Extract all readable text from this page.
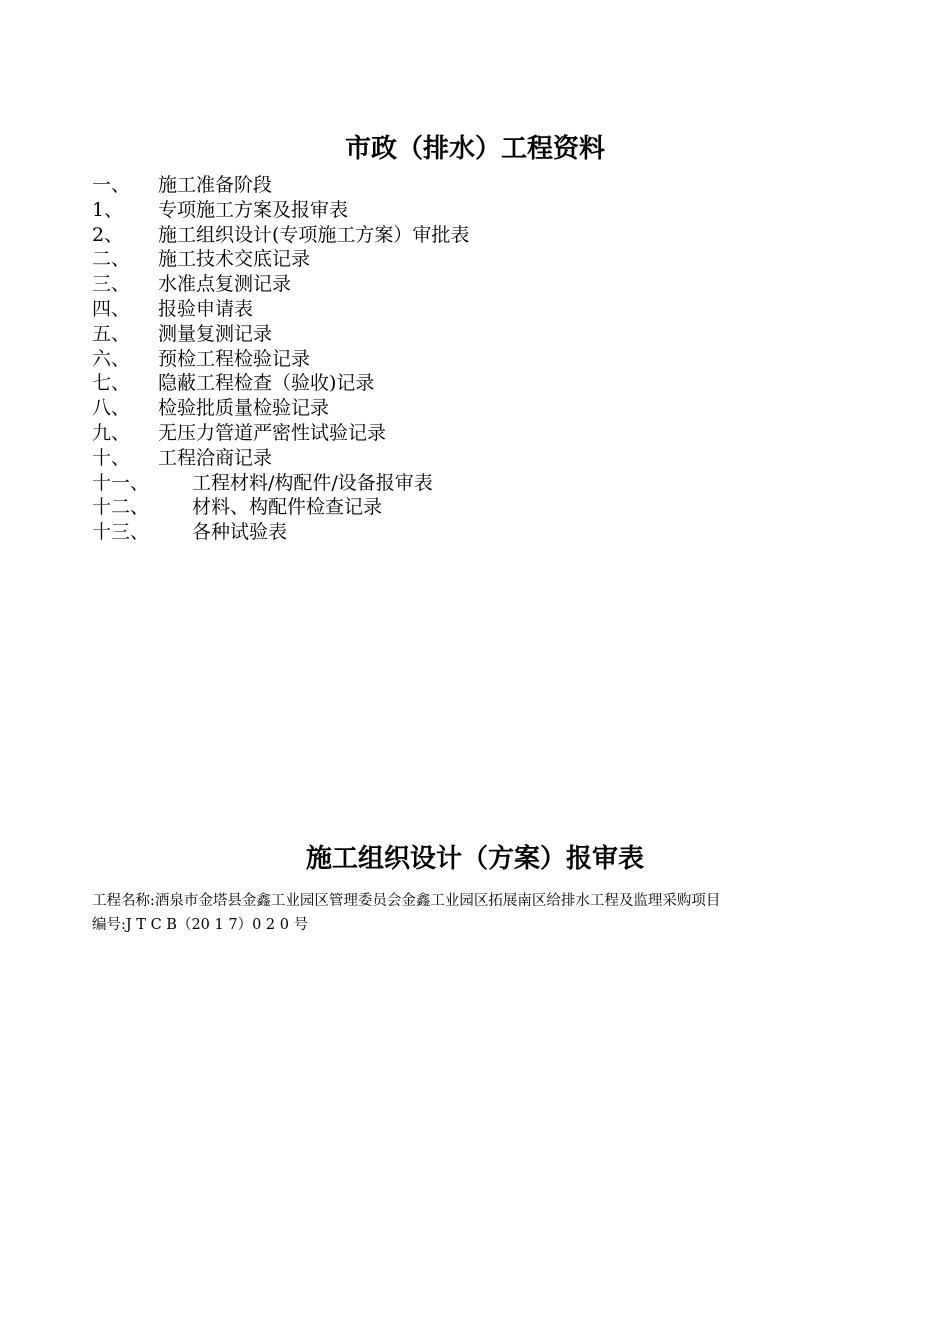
市政（排水）工程资料
一、 施工准备阶段
1、 专项施工方案及报审表
2、 施工组织设计(专项施工方案）审批表
二、 施工技术交底记录
三、 水准点复测记录
四、 报验申请表
五、 测量复测记录
六、 预检工程检验记录
七、 隐蔽工程检查（验收)记录
八、 检验批质量检验记录
九、 无压力管道严密性试验记录
十、 工程洽商记录
十一、 工程材料/构配件/设备报审表
十二、 材料、构配件检查记录
十三、 各种试验表
施工组织设计（方案）报审表
工程名称:酒泉市金塔县金鑫工业园区管理委员会金鑫工业园区拓展南区给排水工程及监理采购项目
编号:J T C B（20 1 7）0 2 0 号
